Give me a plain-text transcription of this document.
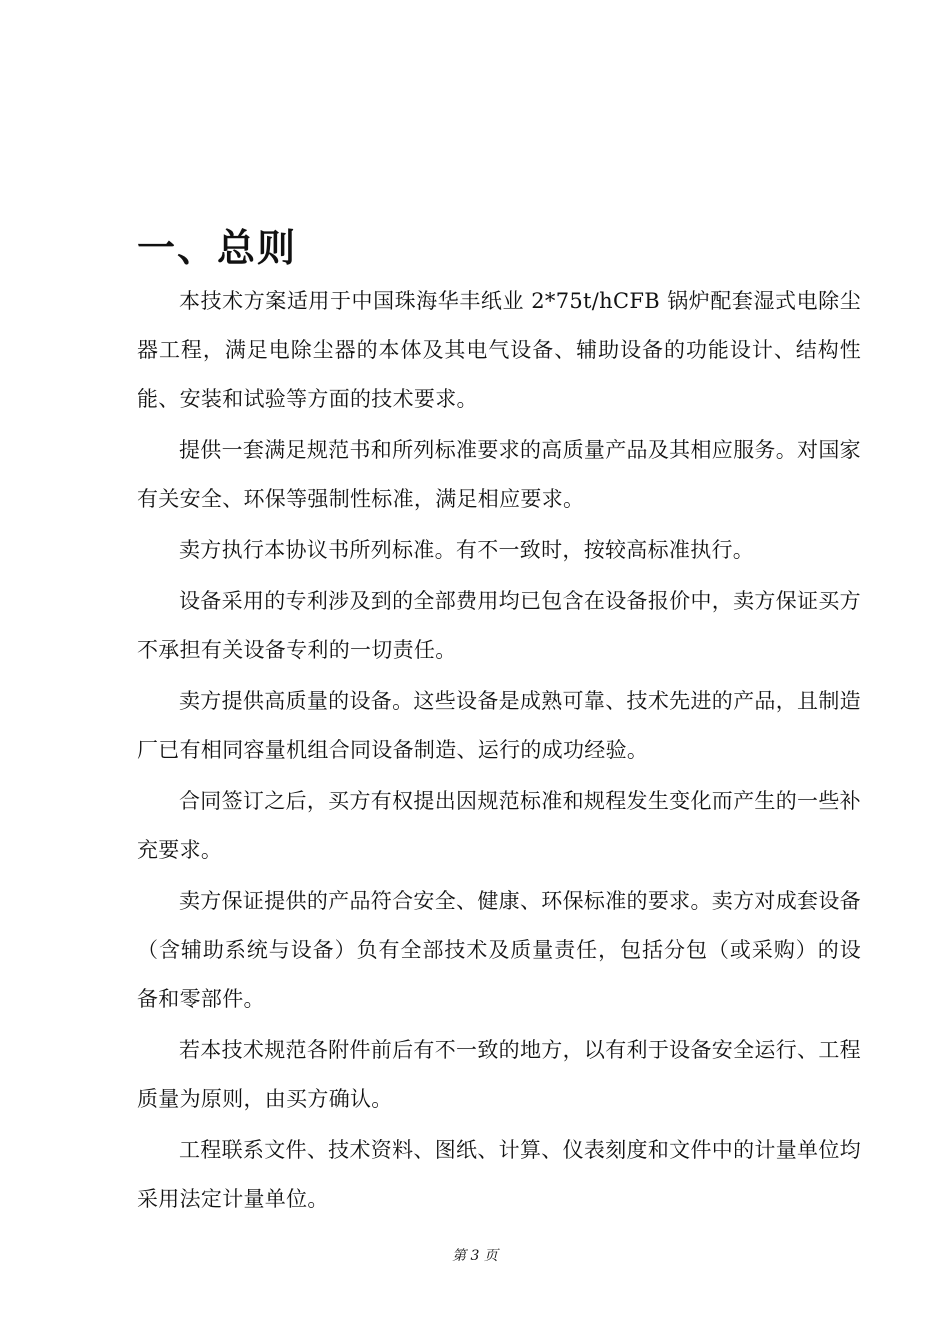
一、总则

本技术方案适用于中国珠海华丰纸业 2*75t/hCFB 锅炉配套湿式电除尘器工程，满足电除尘器的本体及其电气设备、辅助设备的功能设计、结构性能、安装和试验等方面的技术要求。

提供一套满足规范书和所列标准要求的高质量产品及其相应服务。对国家有关安全、环保等强制性标准，满足相应要求。

卖方执行本协议书所列标准。有不一致时，按较高标准执行。

设备采用的专利涉及到的全部费用均已包含在设备报价中，卖方保证买方不承担有关设备专利的一切责任。

卖方提供高质量的设备。这些设备是成熟可靠、技术先进的产品，且制造厂已有相同容量机组合同设备制造、运行的成功经验。

合同签订之后，买方有权提出因规范标准和规程发生变化而产生的一些补充要求。

卖方保证提供的产品符合安全、健康、环保标准的要求。卖方对成套设备（含辅助系统与设备）负有全部技术及质量责任，包括分包（或采购）的设备和零部件。

若本技术规范各附件前后有不一致的地方，以有利于设备安全运行、工程质量为原则，由买方确认。

工程联系文件、技术资料、图纸、计算、仪表刻度和文件中的计量单位均采用法定计量单位。

第 3 页
